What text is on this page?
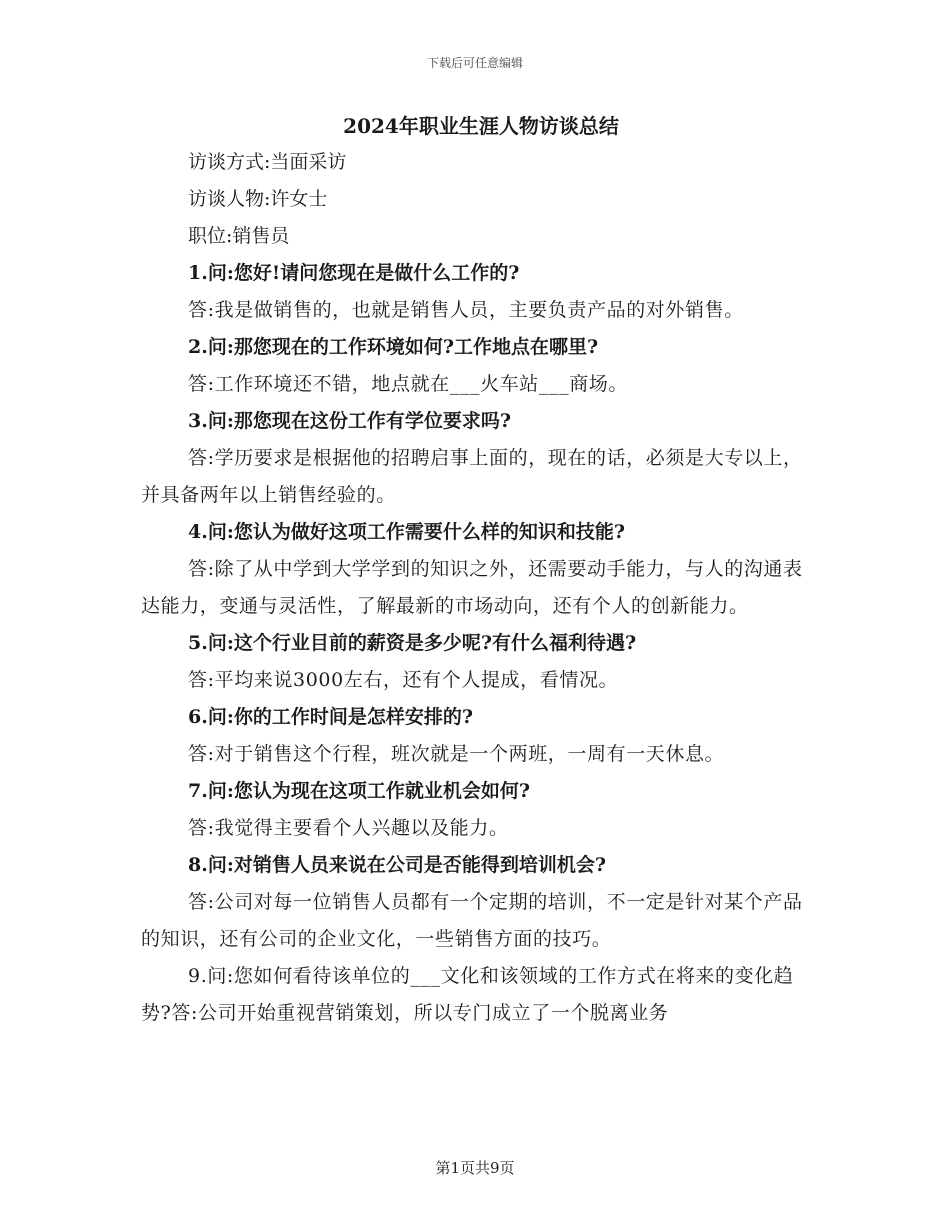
下载后可任意编辑
2024年职业生涯人物访谈总结

访谈方式:当面采访

访谈人物:许女士

职位:销售员

1.问:您好!请问您现在是做什么工作的?

答:我是做销售的，也就是销售人员，主要负责产品的对外销售。

2.问:那您现在的工作环境如何?工作地点在哪里?

答:工作环境还不错，地点就在___火车站___商场。

3.问:那您现在这份工作有学位要求吗?

答:学历要求是根据他的招聘启事上面的，现在的话，必须是大专以上，并具备两年以上销售经验的。

4.问:您认为做好这项工作需要什么样的知识和技能?

答:除了从中学到大学学到的知识之外，还需要动手能力，与人的沟通表达能力，变通与灵活性，了解最新的市场动向，还有个人的创新能力。

5.问:这个行业目前的薪资是多少呢?有什么福利待遇?

答:平均来说3000左右，还有个人提成，看情况。

6.问:你的工作时间是怎样安排的?

答:对于销售这个行程，班次就是一个两班，一周有一天休息。

7.问:您认为现在这项工作就业机会如何?

答:我觉得主要看个人兴趣以及能力。

8.问:对销售人员来说在公司是否能得到培训机会?

答:公司对每一位销售人员都有一个定期的培训，不一定是针对某个产品的知识，还有公司的企业文化，一些销售方面的技巧。

9.问:您如何看待该单位的___文化和该领域的工作方式在将来的变化趋势?答:公司开始重视营销策划，所以专门成立了一个脱离业务

第1页共9页
